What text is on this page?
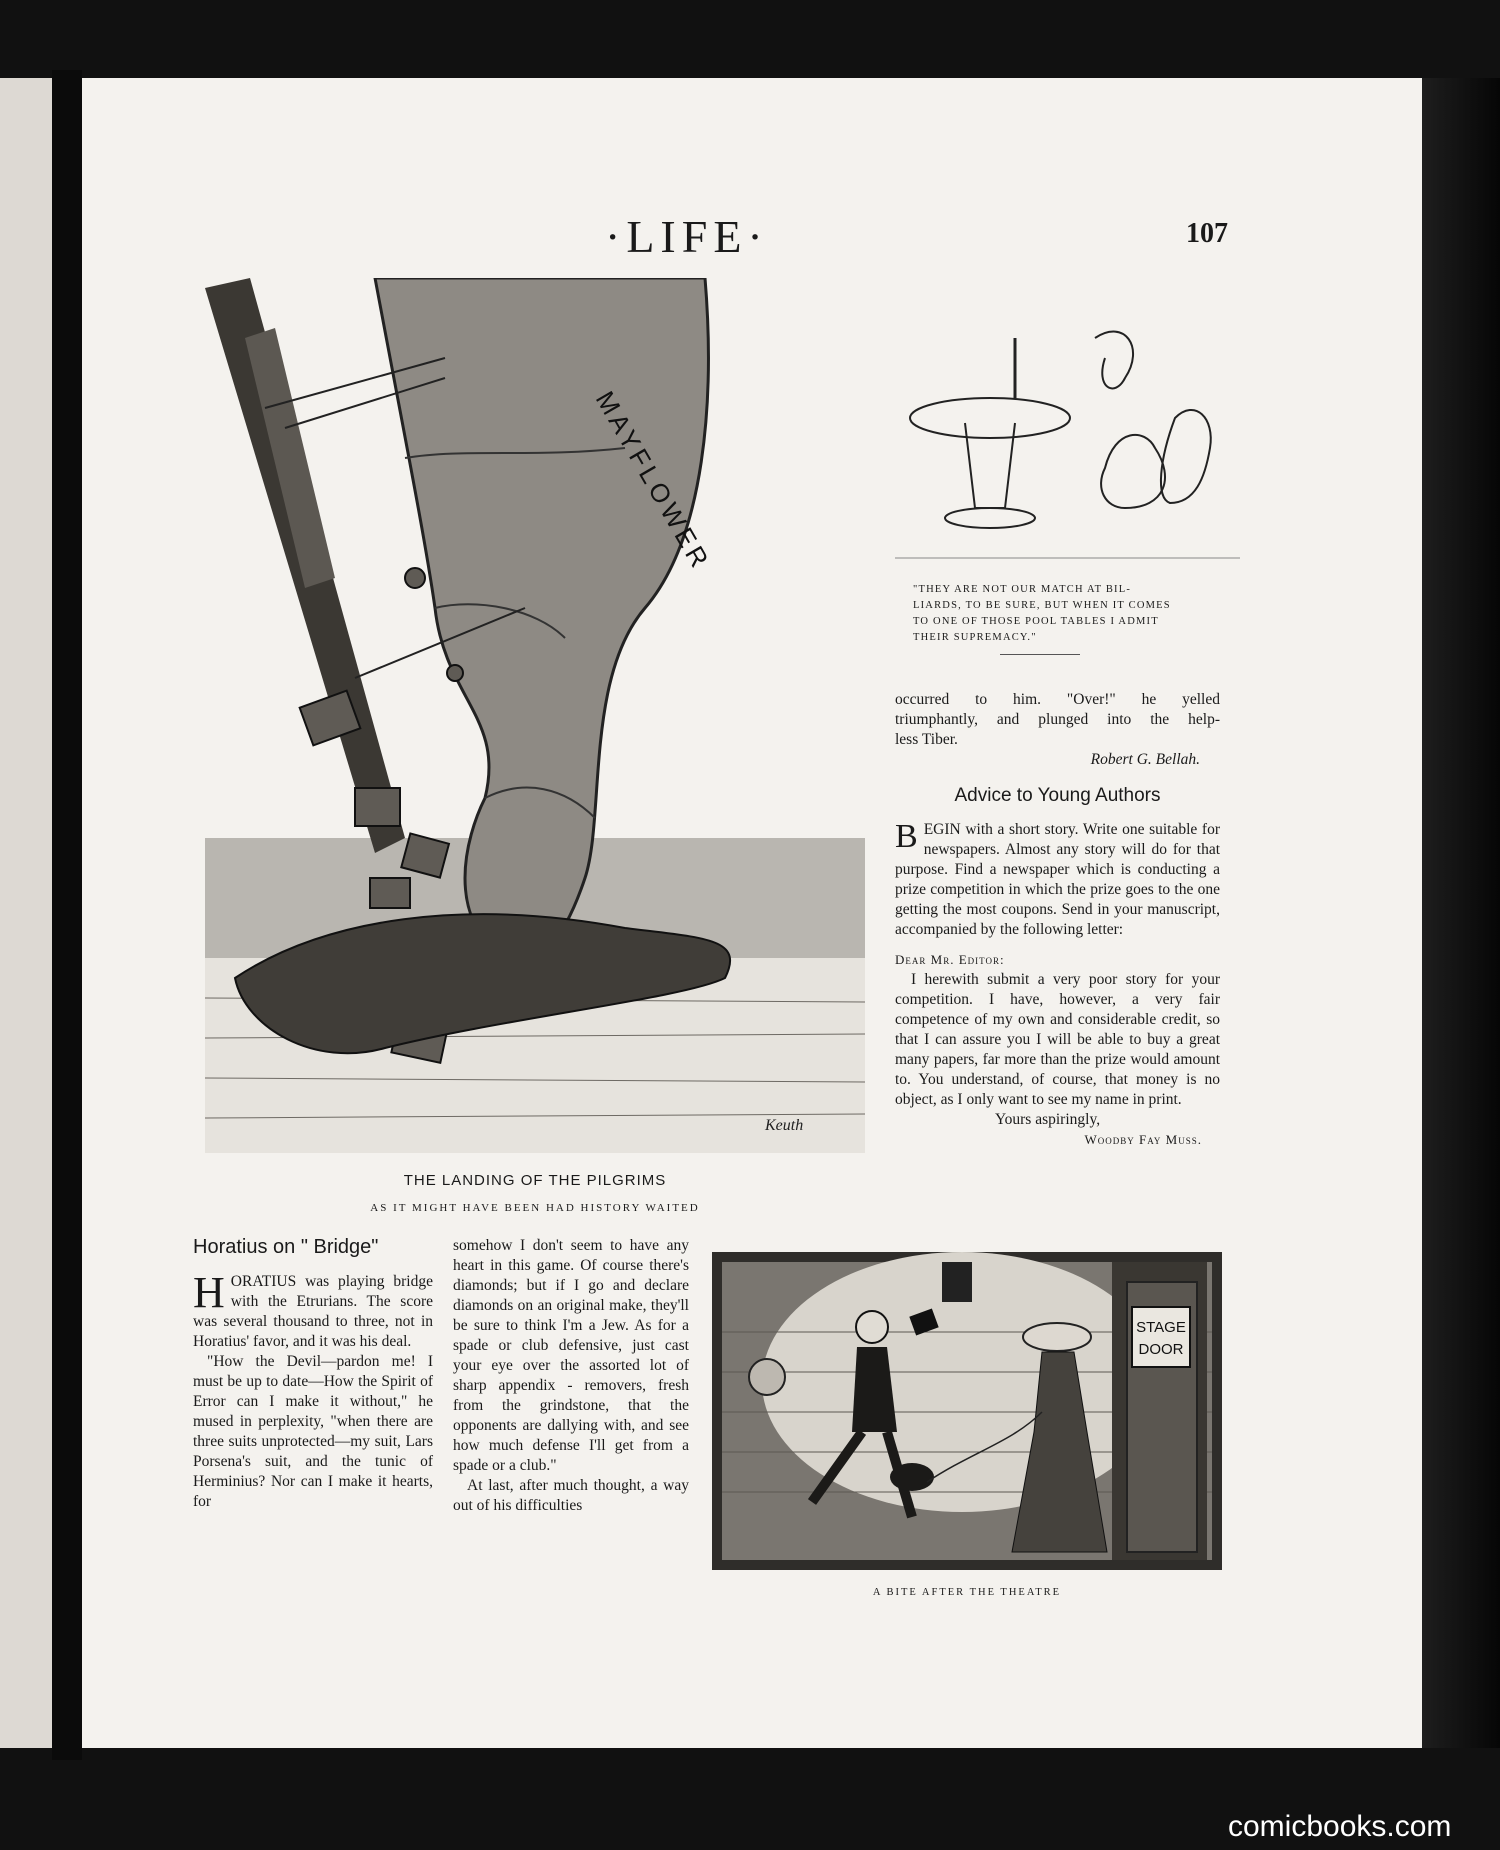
·LIFE·	107
MAYFLOWER
Keuth
THE LANDING OF THE PILGRIMS
AS IT MIGHT HAVE BEEN HAD HISTORY WAITED
"THEY ARE NOT OUR MATCH AT BIL-
LIARDS, TO BE SURE, BUT WHEN IT COMES
TO ONE OF THOSE POOL TABLES I ADMIT
THEIR SUPREMACY."
occurred to him. "Over!" he yelled
triumphantly, and plunged into the help-
less Tiber.
Robert G. Bellah.
Advice to Young Authors
BEGIN with a short story. Write one suitable for newspapers. Almost any story will do for that purpose. Find a newspaper which is conducting a prize competition in which the prize goes to the one getting the most coupons. Send in your manuscript, accompanied by the following letter:
Dear Mr. Editor:
I herewith submit a very poor story for your competition. I have, however, a very fair competence of my own and considerable credit, so that I can assure you I will be able to buy a great many papers, far more than the prize would amount to. You understand, of course, that money is no object, as I only want to see my name in print.
Yours aspiringly,
Woodby Fay Muss.
Horatius on " Bridge"
HORATIUS was playing bridge with the Etrurians. The score was several thousand to three, not in Horatius' favor, and it was his deal.
"How the Devil—pardon me! I must be up to date—How the Spirit of Error can I make it without," he mused in perplexity, "when there are three suits unprotected—my suit, Lars Porsena's suit, and the tunic of Herminius? Nor can I make it hearts, for
somehow I don't seem to have any heart in this game. Of course there's diamonds; but if I go and declare diamonds on an original make, they'll be sure to think I'm a Jew. As for a spade or club defensive, just cast your eye over the assorted lot of sharp appendix - removers, fresh from the grindstone, that the opponents are dallying with, and see how much defense I'll get from a spade or a club."
At last, after much thought, a way out of his difficulties
STAGE
DOOR
A BITE AFTER THE THEATRE
comicbooks.com
